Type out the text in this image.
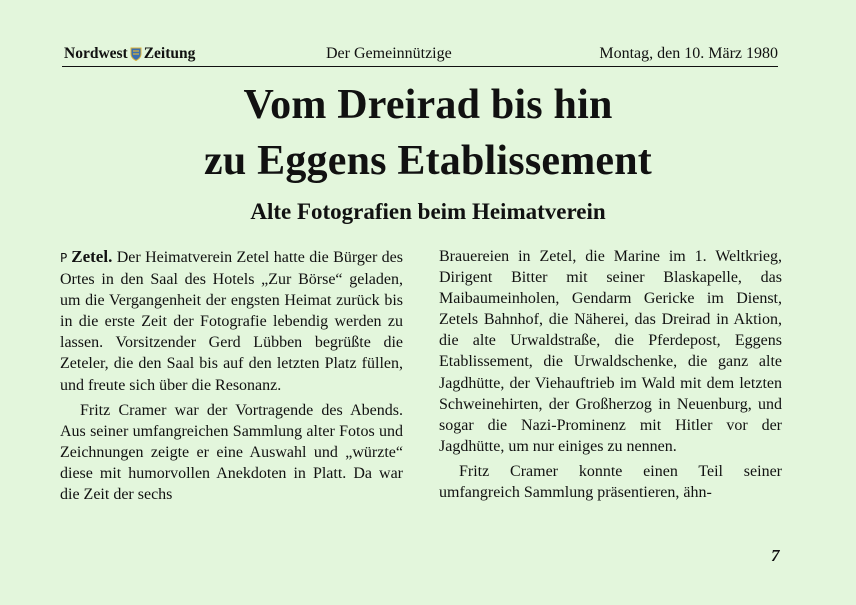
Nordwest Zeitung	Der Gemeinnützige	Montag, den 10. März 1980
Vom Dreirad bis hin
zu Eggens Etablissement
Alte Fotografien beim Heimatverein

P Zetel. Der Heimatverein Zetel hatte die Bürger des Ortes in den Saal des Hotels „Zur Börse“ geladen, um die Vergangenheit der engsten Heimat zurück bis in die erste Zeit der Fotografie lebendig werden zu lassen. Vorsitzender Gerd Lübben begrüßte die Zeteler, die den Saal bis auf den letzten Platz füllen, und freute sich über die Resonanz.

Fritz Cramer war der Vortragende des Abends. Aus seiner umfangreichen Sammlung alter Fotos und Zeichnungen zeigte er eine Auswahl und „würzte“ diese mit humorvollen Anekdoten in Platt. Da war die Zeit der sechs

Brauereien in Zetel, die Marine im 1. Weltkrieg, Dirigent Bitter mit seiner Blaskapelle, das Maibaumeinholen, Gendarm Gericke im Dienst, Zetels Bahnhof, die Näherei, das Dreirad in Aktion, die alte Urwaldstraße, die Pferdepost, Eggens Etablissement, die Urwaldschenke, die ganz alte Jagdhütte, der Viehauftrieb im Wald mit dem letzten Schweinehirten, der Großherzog in Neuenburg, und sogar die Nazi-Prominenz mit Hitler vor der Jagdhütte, um nur einiges zu nennen.

Fritz Cramer konnte einen Teil seiner umfangreich Sammlung präsentieren, ähn-

7
